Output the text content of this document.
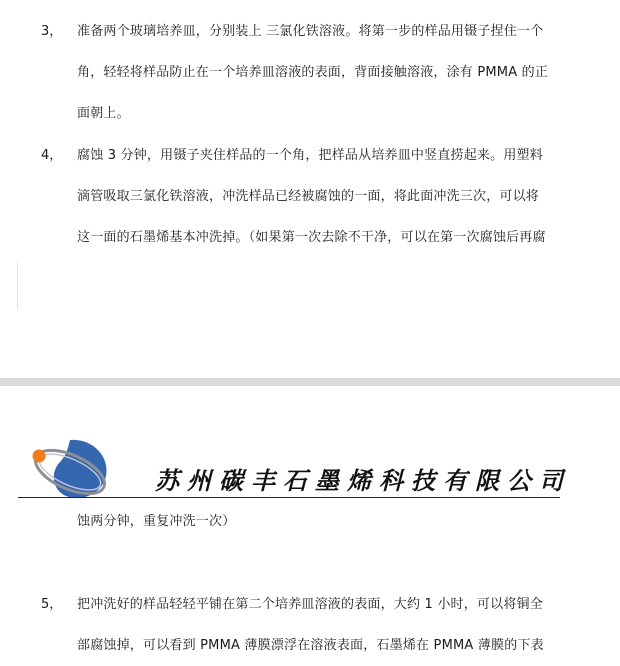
3， 准备两个玻璃培养皿，分别装上 三氯化铁溶液。将第一步的样品用镊子捏住一个
角，轻轻将样品防止在一个培养皿溶液的表面，背面接触溶液，涂有 PMMA 的正
面朝上。
4， 腐蚀 3 分钟，用镊子夹住样品的一个角，把样品从培养皿中竖直捞起来。用塑料
滴管吸取三氯化铁溶液，冲洗样品已经被腐蚀的一面，将此面冲洗三次，可以将
这一面的石墨烯基本冲洗掉。（如果第一次去除不干净，可以在第一次腐蚀后再腐
苏州碳丰石墨烯科技有限公司
蚀两分钟，重复冲洗一次）
5， 把冲洗好的样品轻轻平铺在第二个培养皿溶液的表面，大约 1 小时，可以将铜全
部腐蚀掉，可以看到 PMMA 薄膜漂浮在溶液表面，石墨烯在 PMMA 薄膜的下表
